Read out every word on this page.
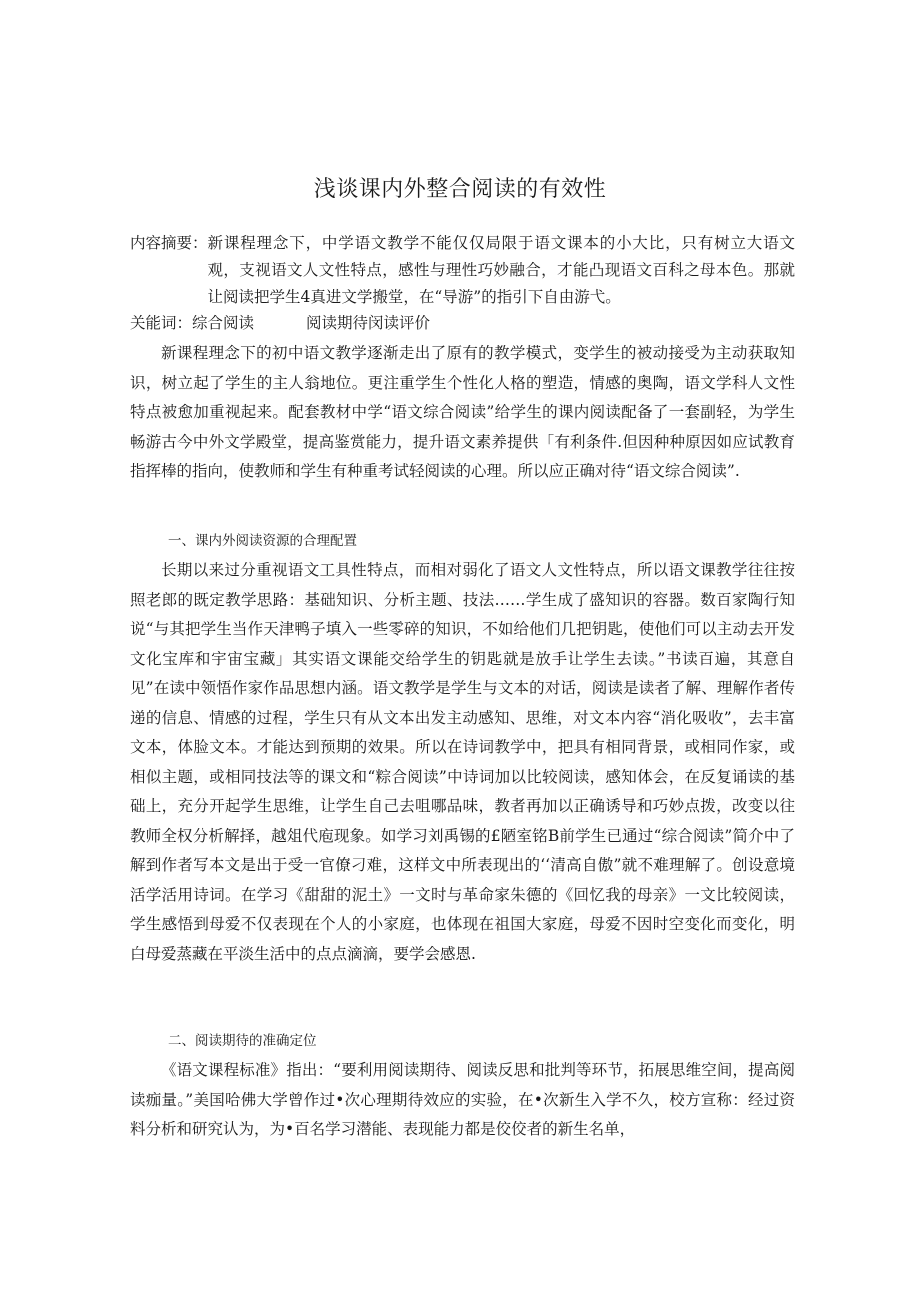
浅谈课内外整合阅读的有效性
内容摘要： 新课程理念下，中学语文教学不能仅仅局限于语文课本的小大比，只有树立大语文观，支视语文人文性特点，感性与理性巧妙融合，才能凸现语文百科之母本色。那就让阅读把学生4真进文学搬堂，在“导游”的指引下自由游弋。
关能词：综合阅读	阅读期待闵读评价

新课程理念下的初中语文教学逐渐走出了原有的教学模式，变学生的被动接受为主动获取知识，树立起了学生的主人翁地位。更注重学生个性化人格的塑造，情感的奥陶，语文学科人文性特点被愈加重视起来。配套教材中学“语文综合阅读”给学生的课内阅读配备了一套副轻，为学生畅游古今中外文学殿堂，提高鉴赏能力，提升语文素养提供「有利条件.但因种种原因如应试教育指挥棒的指向，使教师和学生有种重考试轻阅读的心理。所以应正确对待“语文综合阅读”.

一、课内外阅读资源的合理配置

长期以来过分重视语文工具性特点，而相对弱化了语文人文性特点，所以语文课教学往往按照老郎的既定教学思路：基础知识、分析主题、技法……学生成了盛知识的容器。数百家陶行知说“与其把学生当作天津鸭子填入一些零碎的知识，不如给他们几把钥匙，使他们可以主动去开发文化宝库和宇宙宝藏」其实语文课能交给学生的钥匙就是放手让学生去读。”书读百遍，其意自见”在读中领悟作家作品思想内涵。语文教学是学生与文本的对话，阅读是读者了解、理解作者传递的信息、情感的过程，学生只有从文本出发主动感知、思维，对文本内容“消化吸收”，去丰富文本，体脸文本。才能达到预期的效果。所以在诗词教学中，把具有相同背景，或相同作家，或相似主题，或相同技法等的课文和“粽合阅读”中诗词加以比较阅读，感知体会，在反复诵读的基础上，充分开起学生思维，让学生自己去咀哪品味，教者再加以正确诱导和巧妙点拨，改变以往教师全权分析解择，越俎代庖现象。如学习刘禹锡的£陋室铭B前学生已通过“综合阅读”简介中了解到作者写本文是出于受一官僚刁难，这样文中所表现出的‘‘清高自傲”就不难理解了。创设意境活学活用诗词。在学习《甜甜的泥土》一文时与革命家朱德的《回忆我的母亲》一文比较阅读，学生感悟到母爱不仅表现在个人的小家庭，也体现在祖国大家庭，母爱不因时空变化而变化，明白母爱蒸藏在平淡生活中的点点滴滴，要学会感恩.

二、阅读期待的准确定位

《语文课程标准》指出：“要利用阅读期待、阅读反思和批判等环节，拓展思维空间，提高阅读痂量。”美国哈佛大学曾作过•次心理期待效应的实验，在•次新生入学不久，校方宣称：经过资料分析和研究认为，为•百名学习潜能、表现能力都是佼佼者的新生名单，
